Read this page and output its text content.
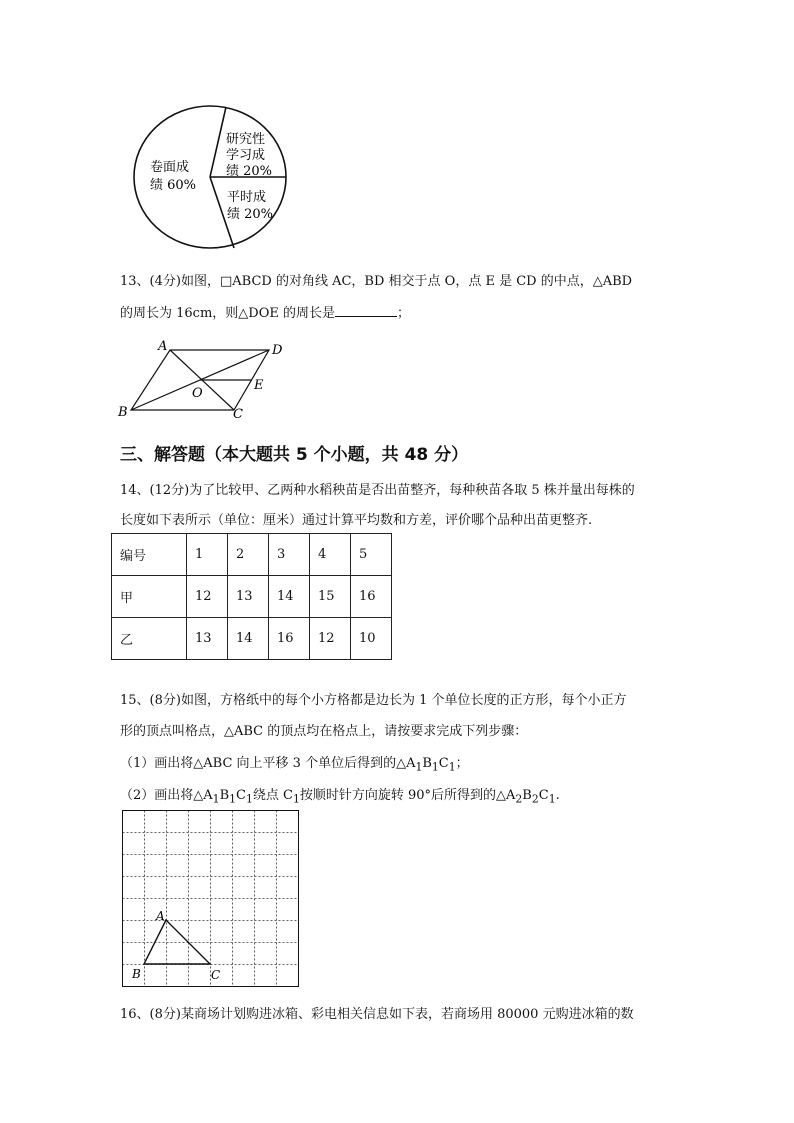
卷面成
绩 60%
研究性
学习成
绩 20%
平时成
绩 20%
13、(4分)如图，□ABCD 的对角线 AC，BD 相交于点 O，点 E 是 CD 的中点，△ABD
的周长为 16cm，则△DOE 的周长是	；
A	D
B	C
O
E
三、解答题（本大题共 5 个小题，共 48 分）
14、(12分)为了比较甲、乙两种水稻秧苗是否出苗整齐，每种秧苗各取 5 株并量出每株的
长度如下表所示（单位：厘米）通过计算平均数和方差，评价哪个品种出苗更整齐.
编号	1	2	3	4	5
甲	12	13	14	15	16
乙	13	14	16	12	10
15、(8分)如图，方格纸中的每个小方格都是边长为 1 个单位长度的正方形，每个小正方
形的顶点叫格点，△ABC 的顶点均在格点上，请按要求完成下列步骤：
（1）画出将△ABC 向上平移 3 个单位后得到的$\triangle A_1B_1C_1$；
（2）画出将$\triangle A_1B_1C_1$绕点 $C_1$按顺时针方向旋转 90°后所得到的$\triangle A_2B_2C_1$.
A
B	C
16、(8分)某商场计划购进冰箱、彩电相关信息如下表，若商场用 80000 元购进冰箱的数
